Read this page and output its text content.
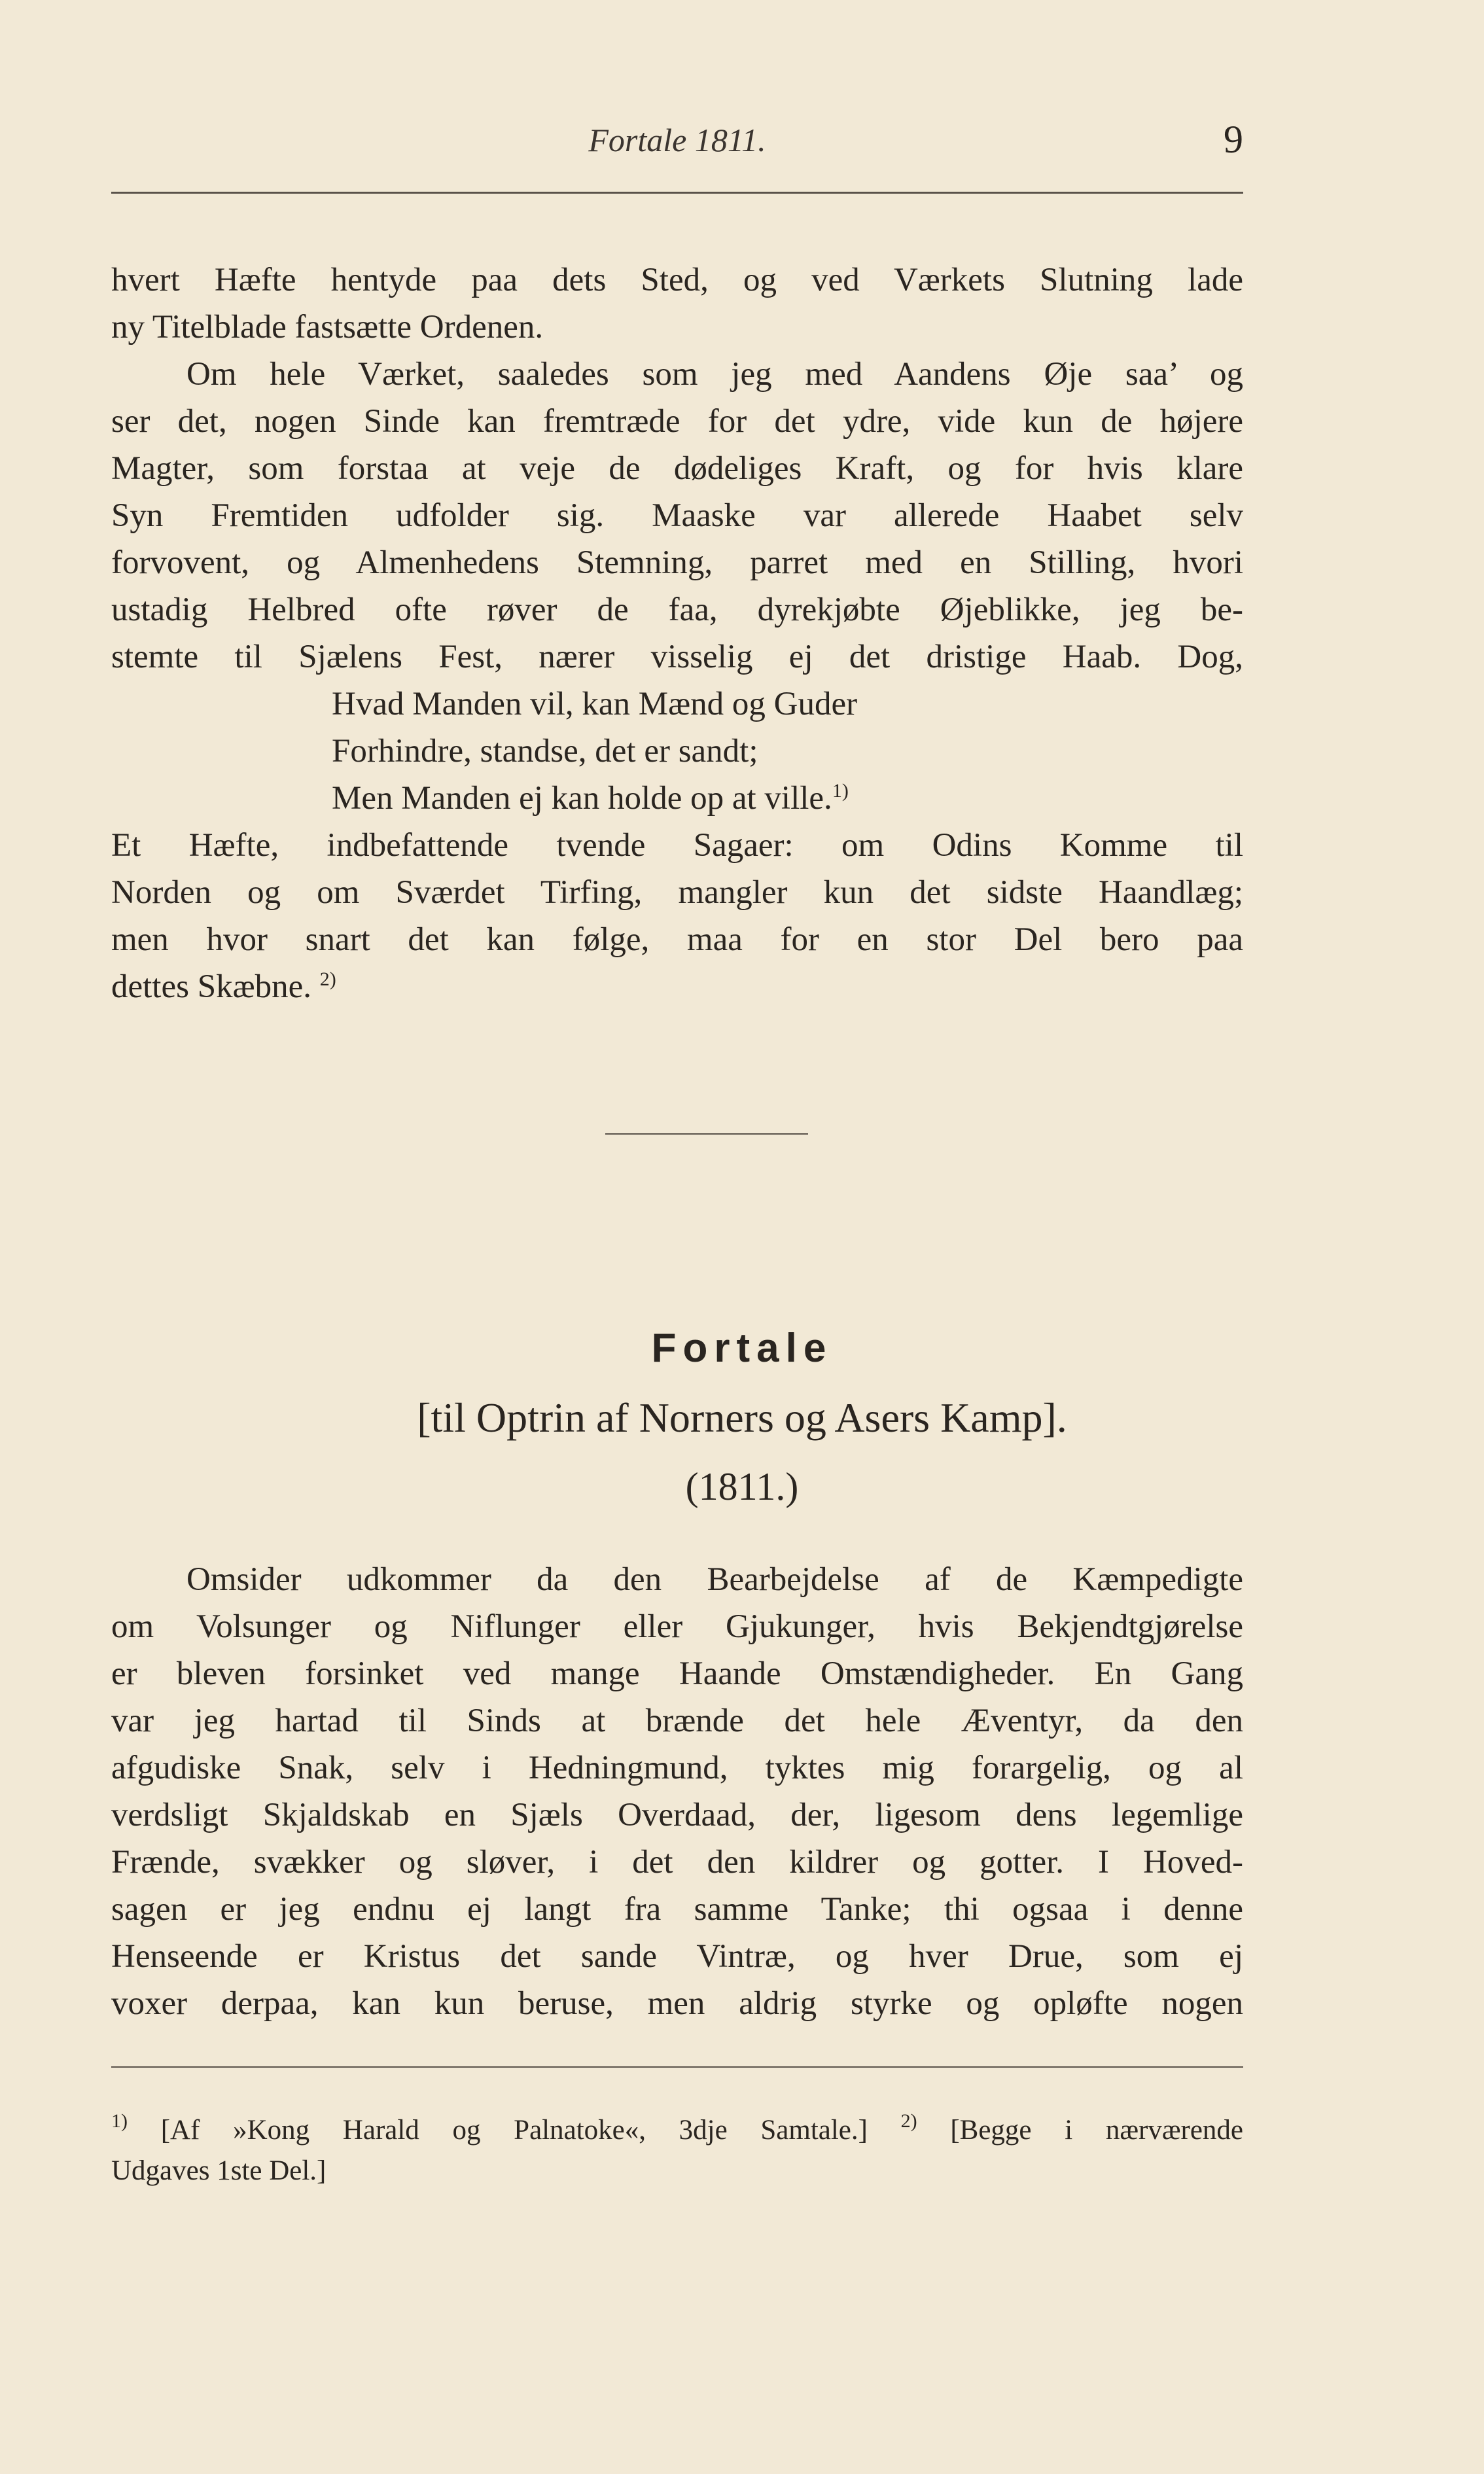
Fortale 1811.	9
hvert Hæfte hentyde paa dets Sted, og ved Værkets Slutning lade
ny Titelblade fastsætte Ordenen.
Om hele Værket, saaledes som jeg med Aandens Øje saa’ og
ser det, nogen Sinde kan fremtræde for det ydre, vide kun de højere
Magter, som forstaa at veje de dødeliges Kraft, og for hvis klare
Syn Fremtiden udfolder sig. Maaske var allerede Haabet selv
forvovent, og Almenhedens Stemning, parret med en Stilling, hvori
ustadig Helbred ofte røver de faa, dyrekjøbte Øjeblikke, jeg be-
stemte til Sjælens Fest, nærer visselig ej det dristige Haab. Dog,
Hvad Manden vil, kan Mænd og Guder
Forhindre, standse, det er sandt;
Men Manden ej kan holde op at ville.$^{1)}$
Et Hæfte, indbefattende tvende Sagaer: om Odins Komme til
Norden og om Sværdet Tirfing, mangler kun det sidste Haandlæg;
men hvor snart det kan følge, maa for en stor Del bero paa
dettes Skæbne. $^{2)}$
Fortale
[til Optrin af Norners og Asers Kamp].
(1811.)
Omsider udkommer da den Bearbejdelse af de Kæmpedigte
om Volsunger og Niflunger eller Gjukunger, hvis Bekjendtgjørelse
er bleven forsinket ved mange Haande Omstændigheder. En Gang
var jeg hartad til Sinds at brænde det hele Æventyr, da den
afgudiske Snak, selv i Hedningmund, tyktes mig forargelig, og al
verdsligt Skjaldskab en Sjæls Overdaad, der, ligesom dens legemlige
Frænde, svækker og sløver, i det den kildrer og gotter. I Hoved-
sagen er jeg endnu ej langt fra samme Tanke; thi ogsaa i denne
Henseende er Kristus det sande Vintræ, og hver Drue, som ej
voxer derpaa, kan kun beruse, men aldrig styrke og opløfte nogen
$^{1)}$ [Af »Kong Harald og Palnatoke«, 3dje Samtale.] $^{2)}$ [Begge i nærværende
Udgaves 1ste Del.]
